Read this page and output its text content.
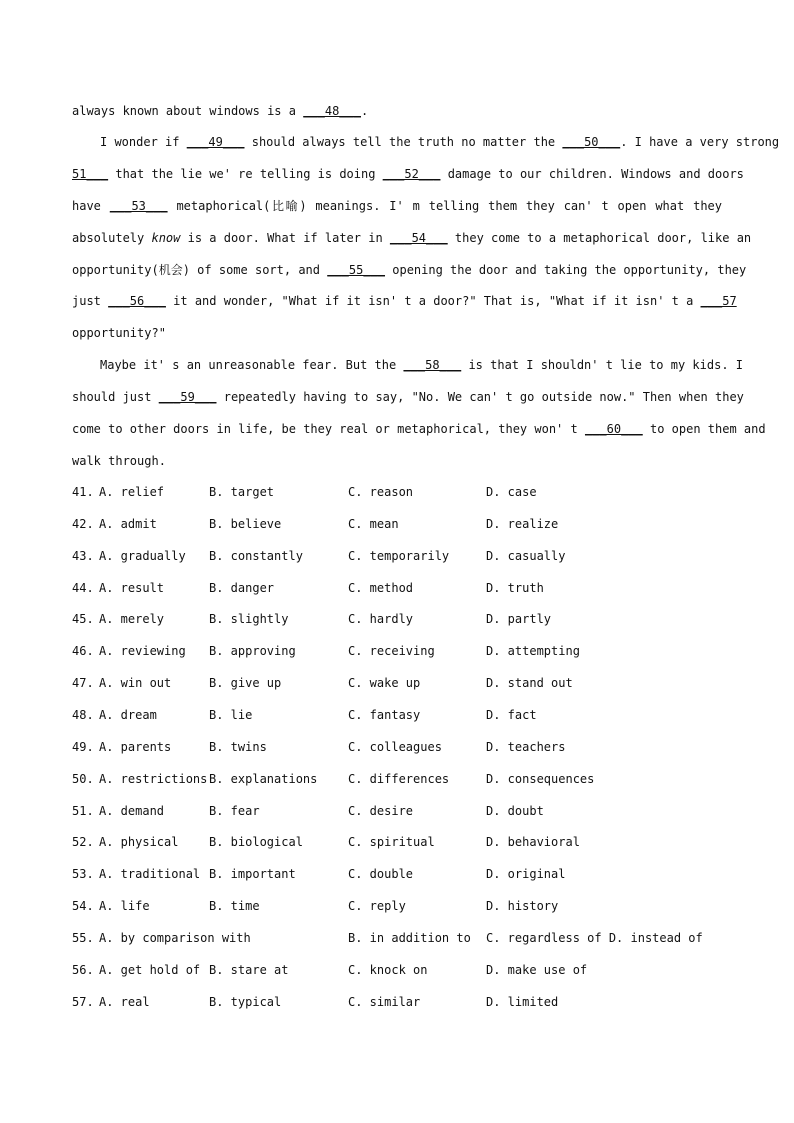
always known about windows is a ___48___.
I wonder if ___49___ should always tell the truth no matter the ___50___. I have a very strong
51___ that the lie we' re telling is doing ___52___ damage to our children. Windows and doors
have ___53___ metaphorical(比喻) meanings. I' m telling them they can' t open what they
absolutely know is a door. What if later in ___54___ they come to a metaphorical door, like an
opportunity(机会) of some sort, and ___55___ opening the door and taking the opportunity, they
just ___56___ it and wonder, "What if it isn' t a door?" That is, "What if it isn' t a ___57
opportunity?"
Maybe it' s an unreasonable fear. But the ___58___ is that I shouldn' t lie to my kids. I
should just ___59___ repeatedly having to say, "No. We can' t go outside now." Then when they
come to other doors in life, be they real or metaphorical, they won' t ___60___ to open them and
walk through.
41. A. relief	B. target	C. reason	D. case
42. A. admit	B. believe	C. mean	D. realize
43. A. gradually B. constantly	C. temporarily	D. casually
44. A. result	B. danger	C. method	D. truth
45. A. merely	B. slightly	C. hardly	D. partly
46. A. reviewing B. approving	C. receiving	D. attempting
47. A. win out	B. give up	C. wake up	D. stand out
48. A. dream	B. lie	C. fantasy	D. fact
49. A. parents	B. twins	C. colleagues	D. teachers
50. A. restrictions B. explanations	C. differences	D. consequences
51. A. demand	B. fear	C. desire	D. doubt
52. A. physical	B. biological	C. spiritual	D. behavioral
53. A. traditional B. important	C. double	D. original
54. A. life	B. time	C. reply	D. history
55. A. by comparison with	B. in addition to C. regardless of D. instead of
56. A. get hold of B. stare at	C. knock on	D. make use of
57. A. real	B. typical	C. similar	D. limited
